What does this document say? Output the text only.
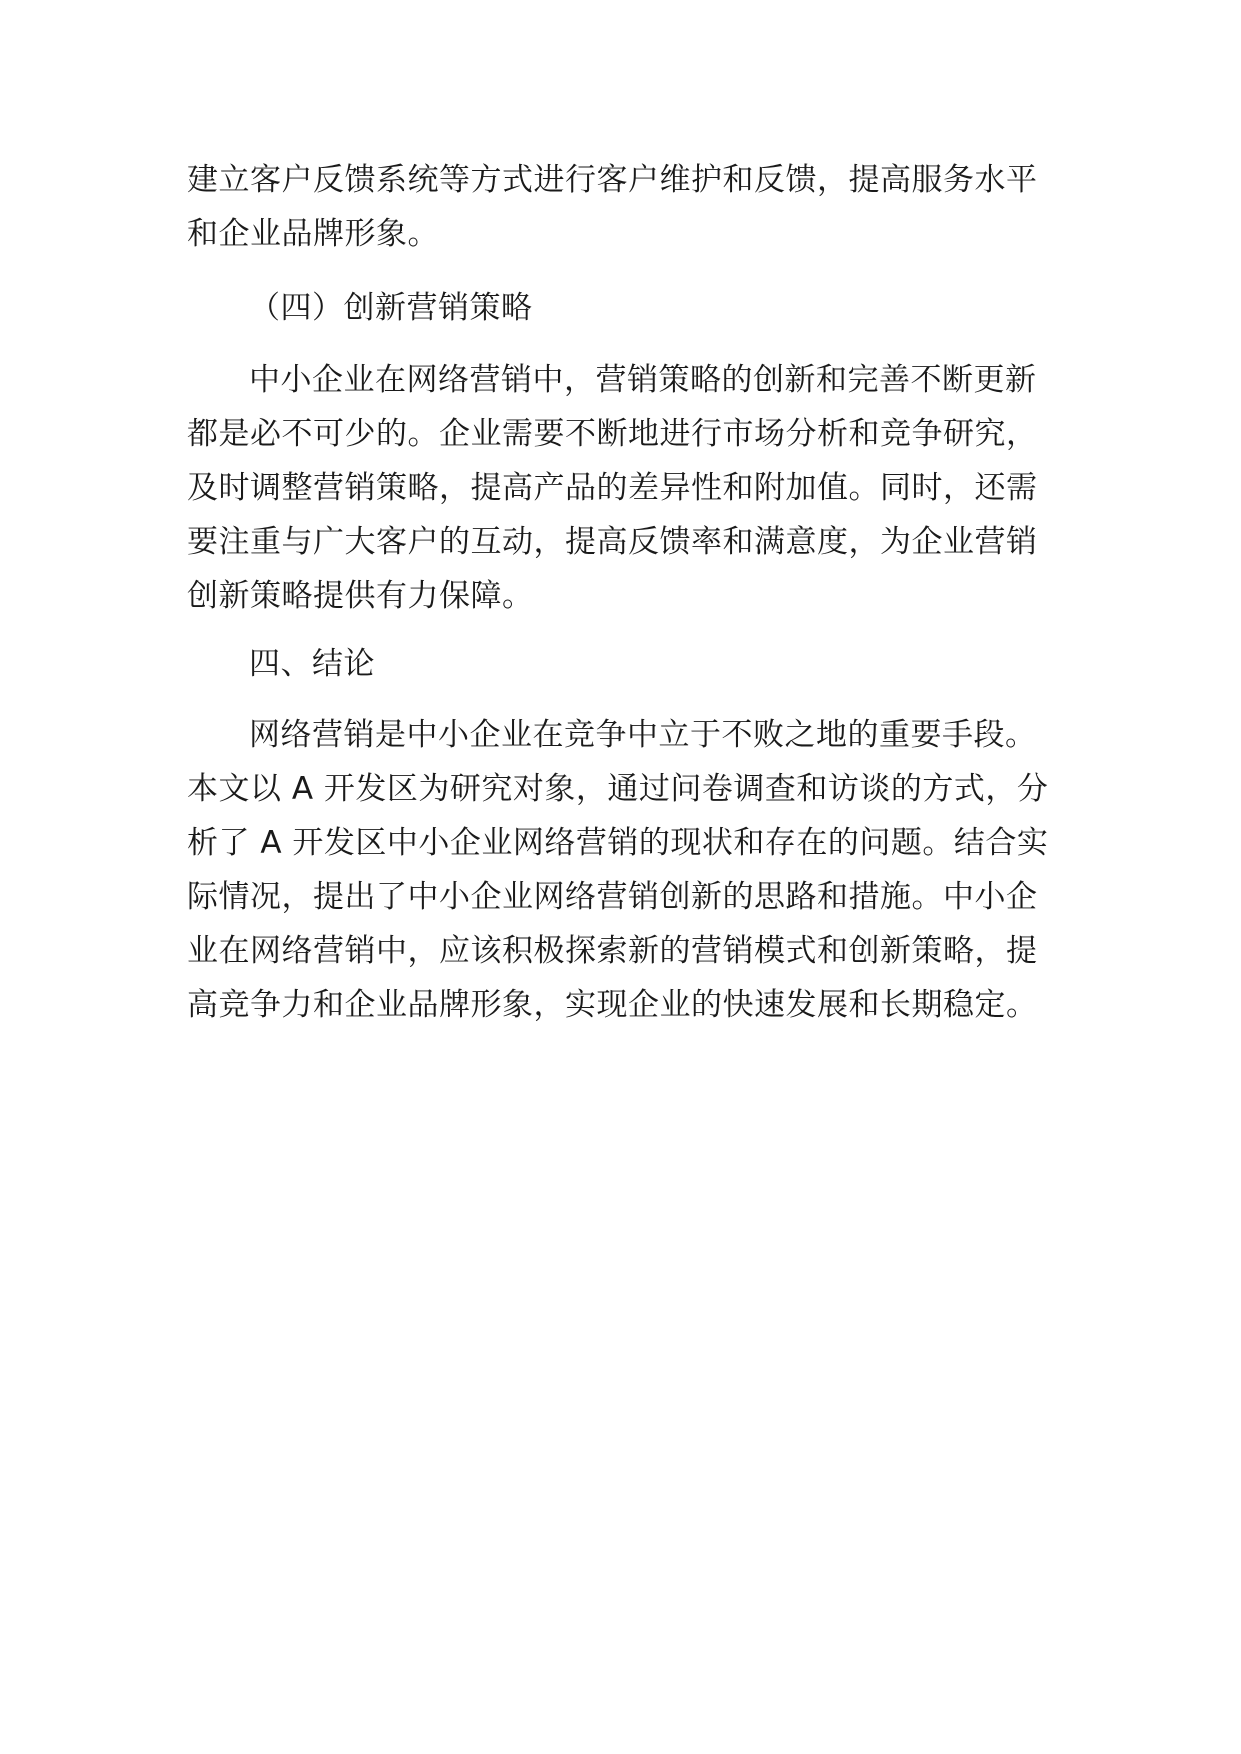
建立客户反馈系统等方式进行客户维护和反馈，提高服务水平
和企业品牌形象。
（四）创新营销策略
中小企业在网络营销中，营销策略的创新和完善不断更新
都是必不可少的。企业需要不断地进行市场分析和竞争研究，
及时调整营销策略，提高产品的差异性和附加值。同时，还需
要注重与广大客户的互动，提高反馈率和满意度，为企业营销
创新策略提供有力保障。
四、结论
网络营销是中小企业在竞争中立于不败之地的重要手段。
本文以 A 开发区为研究对象，通过问卷调查和访谈的方式，分
析了 A 开发区中小企业网络营销的现状和存在的问题。结合实
际情况，提出了中小企业网络营销创新的思路和措施。中小企
业在网络营销中，应该积极探索新的营销模式和创新策略，提
高竞争力和企业品牌形象，实现企业的快速发展和长期稳定。
